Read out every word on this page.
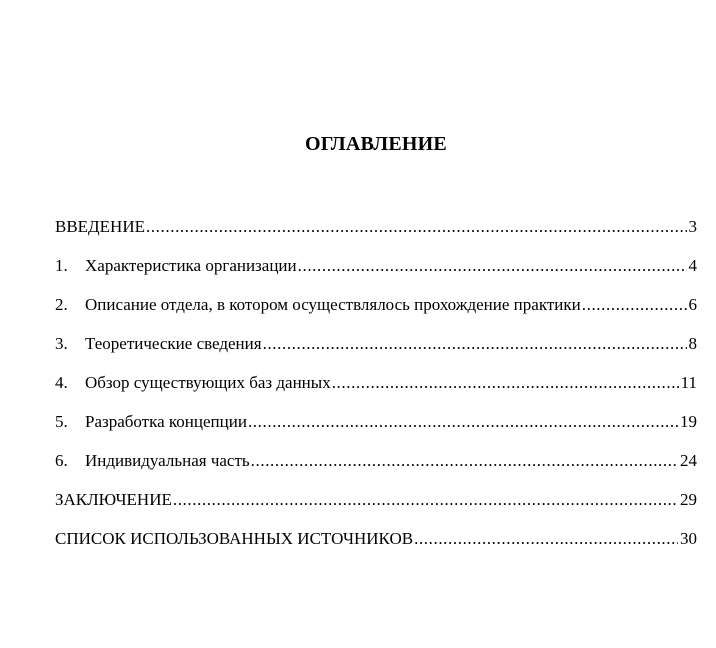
ОГЛАВЛЕНИЕ
ВВЕДЕНИЕ .....	3
1.	Характеристика организации .....	4
2.	Описание отдела, в котором осуществлялось прохождение практики .....	6
3.	Теоретические сведения .....	8
4.	Обзор существующих баз данных .....	11
5.	Разработка концепции .....	19
6.	Индивидуальная часть .....	24
ЗАКЛЮЧЕНИЕ .....	29
СПИСОК ИСПОЛЬЗОВАННЫХ ИСТОЧНИКОВ .....	30
